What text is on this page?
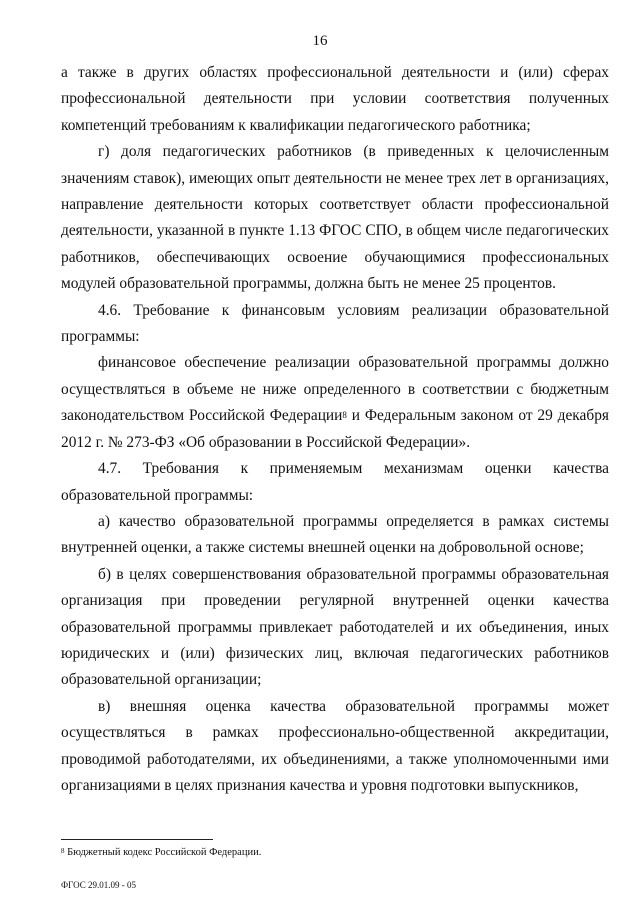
16

а также в других областях профессиональной деятельности и (или) сферах профессиональной деятельности при условии соответствия полученных компетенций требованиям к квалификации педагогического работника;

г) доля педагогических работников (в приведенных к целочисленным значениям ставок), имеющих опыт деятельности не менее трех лет в организациях, направление деятельности которых соответствует области профессиональной деятельности, указанной в пункте 1.13 ФГОС СПО, в общем числе педагогических работников, обеспечивающих освоение обучающимися профессиональных модулей образовательной программы, должна быть не менее 25 процентов.

4.6. Требование к финансовым условиям реализации образовательной программы:

финансовое обеспечение реализации образовательной программы должно осуществляться в объеме не ниже определенного в соответствии с бюджетным законодательством Российской Федерации$^8$ и Федеральным законом от 29 декабря 2012 г. № 273-ФЗ «Об образовании в Российской Федерации».

4.7. Требования к применяемым механизмам оценки качества образовательной программы:

а) качество образовательной программы определяется в рамках системы внутренней оценки, а также системы внешней оценки на добровольной основе;

б) в целях совершенствования образовательной программы образовательная организация при проведении регулярной внутренней оценки качества образовательной программы привлекает работодателей и их объединения, иных юридических и (или) физических лиц, включая педагогических работников образовательной организации;

в) внешняя оценка качества образовательной программы может осуществляться в рамках профессионально-общественной аккредитации, проводимой работодателями, их объединениями, а также уполномоченными ими организациями в целях признания качества и уровня подготовки выпускников,

$^8$ Бюджетный кодекс Российской Федерации.
ФГОС 29.01.09 - 05
